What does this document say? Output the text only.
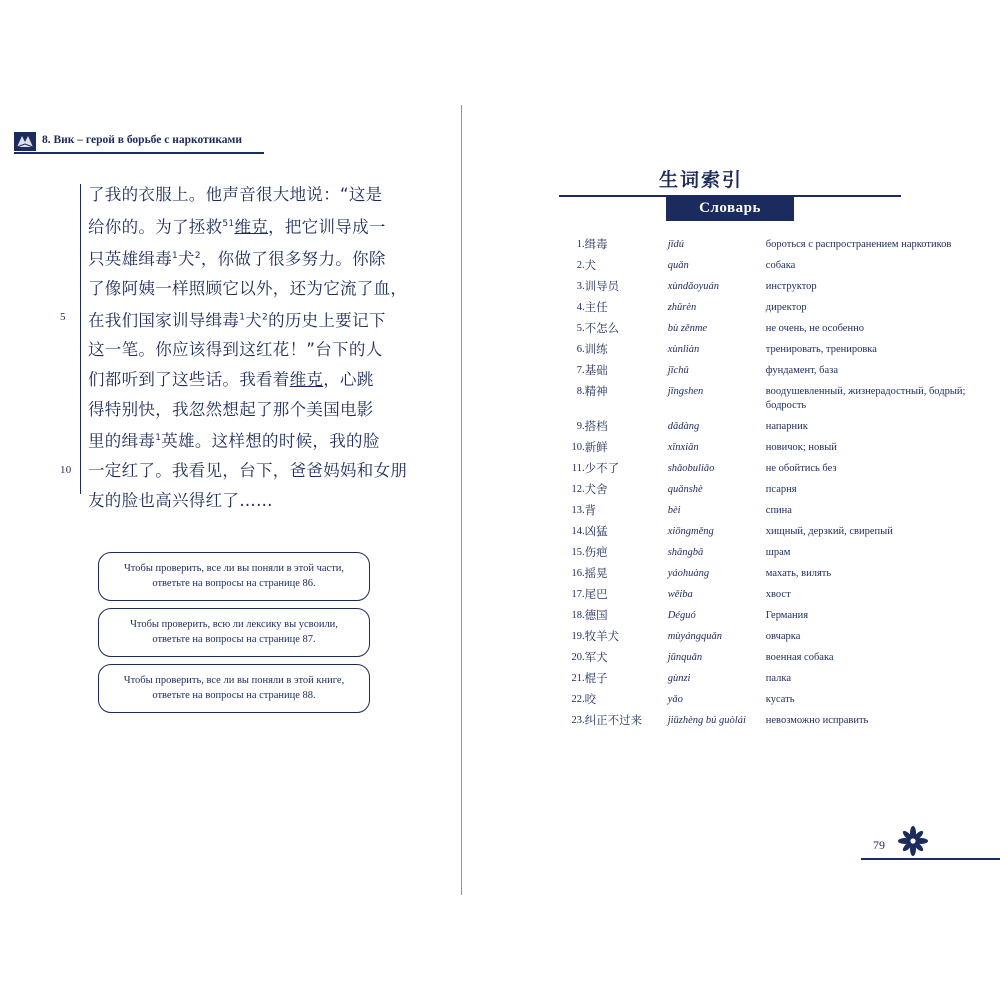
8. Вик – герой в борьбе с наркотиками
了我的衣服上。他声音很大地说：“这是
给你的。为了拯救$^{51}$维克，把它训导成一
只英雄缉毒$^1$犬$^2$，你做了很多努力。你除
了像阿姨一样照顾它以外，还为它流了血，
5 在我们国家训导缉毒$^1$犬$^2$的历史上要记下
这一笔。你应该得到这红花！”台下的人
们都听到了这些话。我看着维克，心跳
得特别快，我忽然想起了那个美国电影
里的缉毒$^1$英雄。这样想的时候，我的脸
10 一定红了。我看见，台下，爸爸妈妈和女朋
友的脸也高兴得红了……
Чтобы проверить, все ли вы поняли в этой части, ответьте на вопросы на странице 86.
Чтобы проверить, всю ли лексику вы усвоили, ответьте на вопросы на странице 87.
Чтобы проверить, все ли вы поняли в этой книге, ответьте на вопросы на странице 88.
生词索引
Словарь
1.	缉毒	jīdú	бороться с распространением наркотиков
2.	犬	quǎn	собака
3.	训导员	xùndǎoyuán	инструктор
4.	主任	zhǔrèn	директор
5.	不怎么	bù zěnme	не очень, не особенно
6.	训练	xùnliàn	тренировать, тренировка
7.	基础	jīchǔ	фундамент, база
8.	精神	jīngshen	воодушевленный, жизнерадостный, бодрый; бодрость
9.	搭档	dādàng	напарник
10.	新鲜	xīnxiān	новичок; новый
11.	少不了	shǎobuliǎo	не обойтись без
12.	犬舍	quǎnshè	псарня
13.	背	bèi	спина
14.	凶猛	xiōngměng	хищный, дерзкий, свирепый
15.	伤疤	shāngbā	шрам
16.	摇晃	yáohuàng	махать, вилять
17.	尾巴	wěiba	хвост
18.	德国	Déguó	Германия
19.	牧羊犬	mùyángquǎn	овчарка
20.	军犬	jūnquǎn	военная собака
21.	棍子	gùnzi	палка
22.	咬	yǎo	кусать
23.	纠正不过来	jiūzhèng bú guòlái	невозможно исправить
79
